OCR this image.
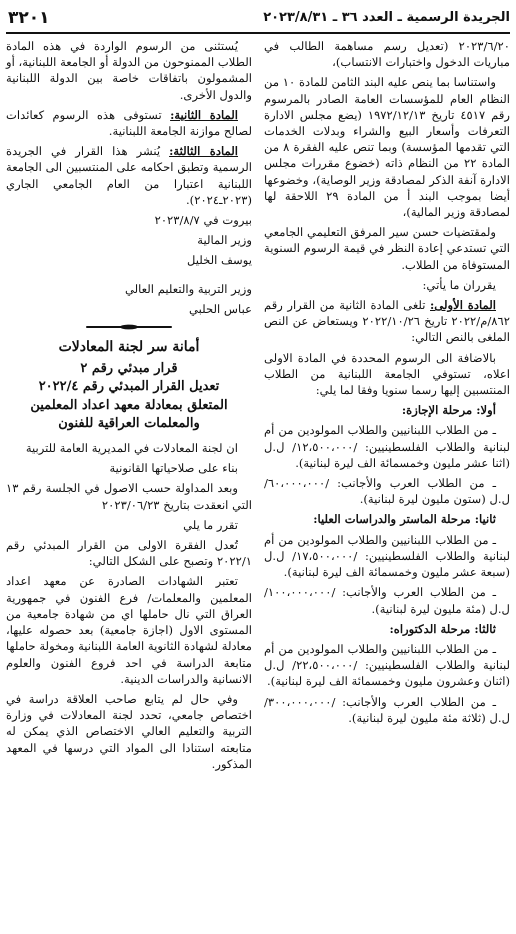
الجريدة الرسمية ـ العدد ٣٦ ـ ٢٠٢٣/٨/٣١
٣٢٠١

٢٠٢٣/٦/٢٠ (تعديل رسم مساهمة الطالب في مباريات الدخول واختبارات الانتساب)،

واستناسا بما ينص عليه البند الثامن للمادة ١٠ من النظام العام للمؤسسات العامة الصادر بالمرسوم رقم ٤٥١٧ تاريخ ١٩٧٢/١٢/١٣ (يضع مجلس الادارة التعرفات وأسعار البيع والشراء وبدلات الخدمات التي تقدمها المؤسسة) وبما تنص عليه الفقرة ٨ من المادة ٢٢ من النظام ذاته (خضوع مقررات مجلس الادارة آنفة الذكر لمصادقة وزير الوصاية)، وخضوعها أيضا بموجب البند أ من المادة ٢٩ اللاحقة لها لمصادقة وزير المالية)،

ولمقتضيات حسن سير المرفق التعليمي الجامعي التي تستدعي إعادة النظر في قيمة الرسوم السنوية المستوفاة من الطلاب.

يقرران ما يأتي:

المادة الأولى: تلغى المادة الثانية من القرار رقم ٨٦٢/م/٢٠٢٢ تاريخ ٢٠٢٢/١٠/٢٦ ويستعاض عن النص الملغى بالنص التالي:

بالاضافة الى الرسوم المحددة في المادة الاولى اعلاه، تستوفي الجامعة اللبنانية من الطلاب المنتسبين إليها رسما سنويا وفقا لما يلي:

أولا: مرحلة الإجازة:

ـ من الطلاب اللبنانيين والطلاب المولودين من أم لبنانية والطلاب الفلسطينيين: /١٢،٥٠٠،٠٠٠/ ل.ل (اثنا عشر مليون وخمسمائة الف ليرة لبنانية).

ـ من الطلاب العرب والأجانب: /٦٠،٠٠٠،٠٠٠/ ل.ل (ستون مليون ليرة لبنانية).

ثانيا: مرحلة الماستر والدراسات العليا:

ـ من الطلاب اللبنانيين والطلاب المولودين من أم لبنانية والطلاب الفلسطينيين: /١٧،٥٠٠،٠٠٠/ ل.ل (سبعة عشر مليون وخمسمائة الف ليرة لبنانية).

ـ من الطلاب العرب والأجانب: /١٠٠،٠٠٠،٠٠٠/ ل.ل (مئة مليون ليرة لبنانية).

ثالثا: مرحلة الدكتوراه:

ـ من الطلاب اللبنانيين والطلاب المولودين من أم لبنانية والطلاب الفلسطينيين: /٢٢،٥٠٠،٠٠٠/ ل.ل (اثنان وعشرون مليون وخمسمائة الف ليرة لبنانية).

ـ من الطلاب العرب والأجانب: /٣٠٠،٠٠٠،٠٠٠/ ل.ل (ثلاثة مئة مليون ليرة لبنانية).

يُستثنى من الرسوم الواردة في هذه المادة الطلاب الممنوحون من الدولة أو الجامعة اللبنانية، أو المشمولون باتفاقات خاصة بين الدولة اللبنانية والدول الأخرى.

المادة الثانية: تستوفى هذه الرسوم كعائدات لصالح موازنة الجامعة اللبنانية.

المادة الثالثة: يُنشر هذا القرار في الجريدة الرسمية وتطبق احكامه على المنتسبين الى الجامعة اللبنانية اعتبارا من العام الجامعي الجاري (٢٠٢٣ـ٢٠٢٤).

بيروت في ٢٠٢٣/٨/٧

وزير المالية

يوسف الخليل

وزير التربية والتعليم العالي

عباس الحلبي

أمانة سر لجنة المعادلات
قرار مبدئي رقم ٢
تعديل القرار المبدئي رقم ٢٠٢٢/٤
المتعلق بمعادلة معهد اعداد المعلمين
والمعلمات العراقية للفنون

ان لجنة المعادلات في المديرية العامة للتربية

بناء على صلاحياتها القانونية

وبعد المداولة حسب الاصول في الجلسة رقم ١٣ التي انعقدت بتاريخ ٢٠٢٣/٠٦/٢٣

تقرر ما يلي

تُعدل الفقرة الاولى من القرار المبدئي رقم ٢٠٢٢/١ وتصبح على الشكل التالي:

تعتبر الشهادات الصادرة عن معهد اعداد المعلمين والمعلمات/ فرع الفنون في جمهورية العراق التي نال حاملها اي من شهادة جامعية من المستوى الاول (اجازة جامعية) بعد حصوله عليها، معادلة لشهادة الثانوية العامة اللبنانية ومخولة حاملها متابعة الدراسة في احد فروع الفنون والعلوم الانسانية والدراسات الدينية.

وفي حال لم يتابع صاحب العلاقة دراسة في اختصاص جامعي، تحدد لجنة المعادلات في وزارة التربية والتعليم العالي الاختصاص الذي يمكن له متابعته استنادا الى المواد التي درسها في المعهد المذكور.
